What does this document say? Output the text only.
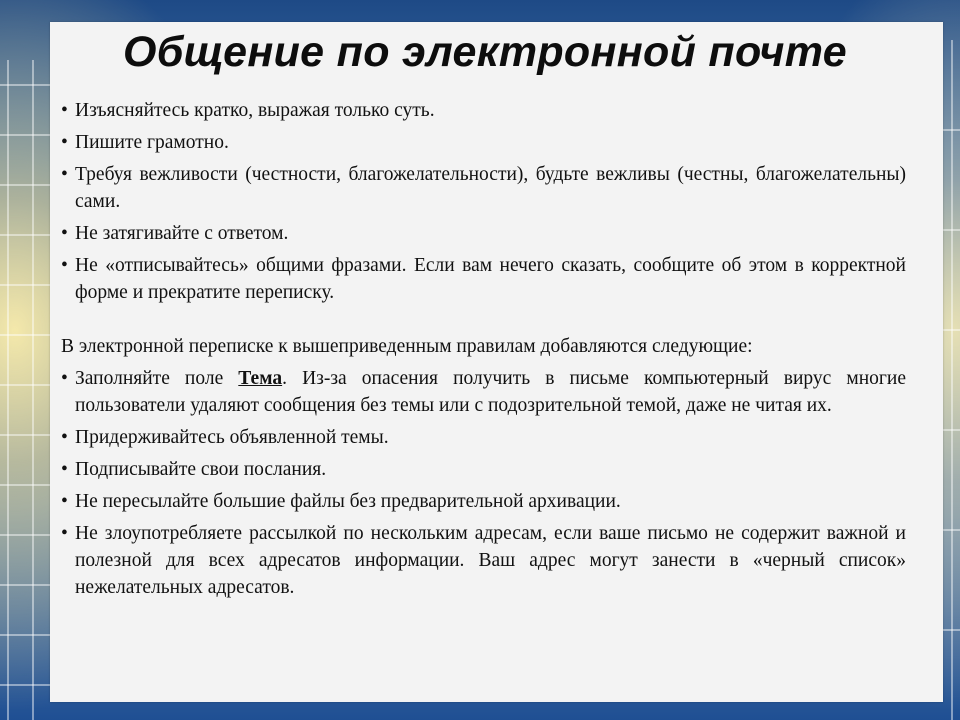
Общение по электронной почте
• Изъясняйтесь кратко, выражая только суть.
• Пишите грамотно.
• Требуя вежливости (честности, благожелательности), будьте вежливы (честны, благожелательны) сами.
• Не затягивайте с ответом.
• Не «отписывайтесь» общими фразами. Если вам нечего сказать, сообщите об этом в корректной форме и прекратите переписку.

В электронной переписке к вышеприведенным правилам добавляются следующие:

• Заполняйте поле Тема. Из-за опасения получить в письме компьютерный вирус многие пользователи удаляют сообщения без темы или с подозрительной темой, даже не читая их.
• Придерживайтесь объявленной темы.
• Подписывайте свои послания.
• Не пересылайте большие файлы без предварительной архивации.
• Не злоупотребляете рассылкой по нескольким адресам, если ваше письмо не содержит важной и полезной для всех адресатов информации. Ваш адрес могут занести в «черный список» нежелательных адресатов.
